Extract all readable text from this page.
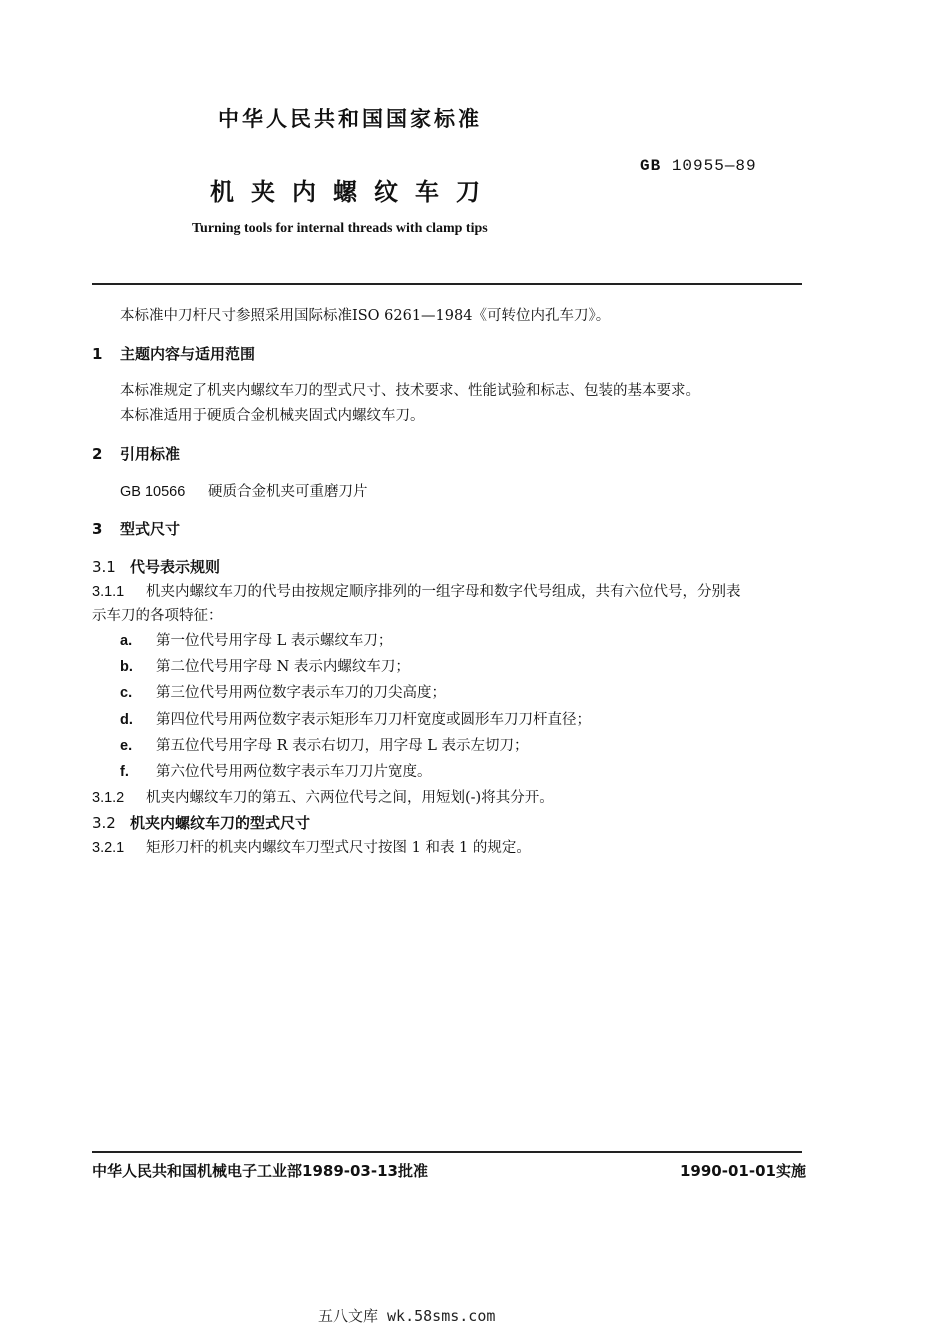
中华人民共和国国家标准
GB 10955—89
机夹内螺纹车刀
Turning tools for internal threads with clamp tips
本标准中刀杆尺寸参照采用国际标准ISO 6261—1984《可转位内孔车刀》。
1 主题内容与适用范围
本标准规定了机夹内螺纹车刀的型式尺寸、技术要求、性能试验和标志、包装的基本要求。
本标准适用于硬质合金机械夹固式内螺纹车刀。
2 引用标准
GB 10566 硬质合金机夹可重磨刀片
3 型式尺寸
3.1 代号表示规则
3.1.1 机夹内螺纹车刀的代号由按规定顺序排列的一组字母和数字代号组成，共有六位代号，分别表
示车刀的各项特征：
a. 第一位代号用字母 L 表示螺纹车刀；
b. 第二位代号用字母 N 表示内螺纹车刀；
c. 第三位代号用两位数字表示车刀的刀尖高度；
d. 第四位代号用两位数字表示矩形车刀刀杆宽度或圆形车刀刀杆直径；
e. 第五位代号用字母 R 表示右切刀，用字母 L 表示左切刀；
f. 第六位代号用两位数字表示车刀刀片宽度。
3.1.2 机夹内螺纹车刀的第五、六两位代号之间，用短划(-)将其分开。
3.2 机夹内螺纹车刀的型式尺寸
3.2.1 矩形刀杆的机夹内螺纹车刀型式尺寸按图 1 和表 1 的规定。
中华人民共和国机械电子工业部1989-03-13批准	1990-01-01实施
五八文库 wk.58sms.com
